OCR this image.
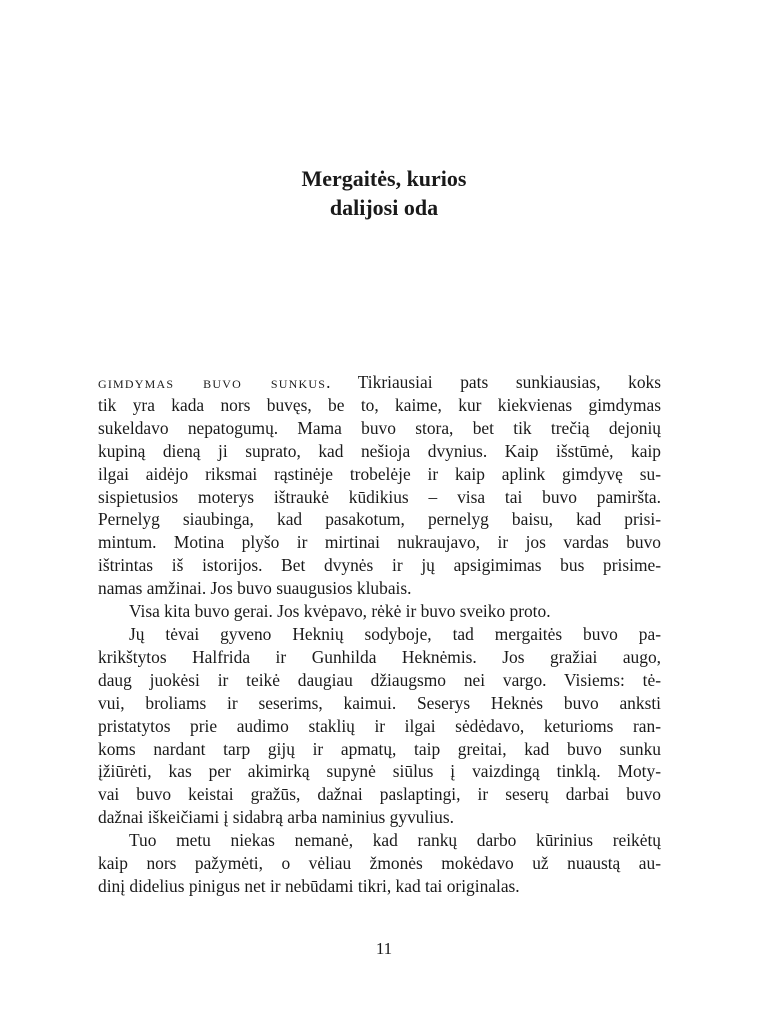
Mergaitės, kurios
dalijosi oda
gimdymas buvo sunkus. Tikriausiai pats sunkiausias, koks
tik yra kada nors buvęs, be to, kaime, kur kiekvienas gimdymas
sukeldavo nepatogumų. Mama buvo stora, bet tik trečią dejonių
kupiną dieną ji suprato, kad nešioja dvynius. Kaip išstūmė, kaip
ilgai aidėjo riksmai rąstinėje trobelėje ir kaip aplink gimdyvę su-
sispietusios moterys ištraukė kūdikius – visa tai buvo pamiršta.
Pernelyg siaubinga, kad pasakotum, pernelyg baisu, kad prisi-
mintum. Motina plyšo ir mirtinai nukraujavo, ir jos vardas buvo
ištrintas iš istorijos. Bet dvynės ir jų apsigimimas bus prisime-
namas amžinai. Jos buvo suaugusios klubais.
Visa kita buvo gerai. Jos kvėpavo, rėkė ir buvo sveiko proto.
Jų tėvai gyveno Heknių sodyboje, tad mergaitės buvo pa-
krikštytos Halfrida ir Gunhilda Heknėmis. Jos gražiai augo,
daug juokėsi ir teikė daugiau džiaugsmo nei vargo. Visiems: tė-
vui, broliams ir seserims, kaimui. Seserys Heknės buvo anksti
pristatytos prie audimo staklių ir ilgai sėdėdavo, keturioms ran-
koms nardant tarp gijų ir apmatų, taip greitai, kad buvo sunku
įžiūrėti, kas per akimirką supynė siūlus į vaizdingą tinklą. Moty-
vai buvo keistai gražūs, dažnai paslaptingi, ir seserų darbai buvo
dažnai iškeičiami į sidabrą arba naminius gyvulius.
Tuo metu niekas nemanė, kad rankų darbo kūrinius reikėtų
kaip nors pažymėti, o vėliau žmonės mokėdavo už nuaustą au-
dinį didelius pinigus net ir nebūdami tikri, kad tai originalas.
11
